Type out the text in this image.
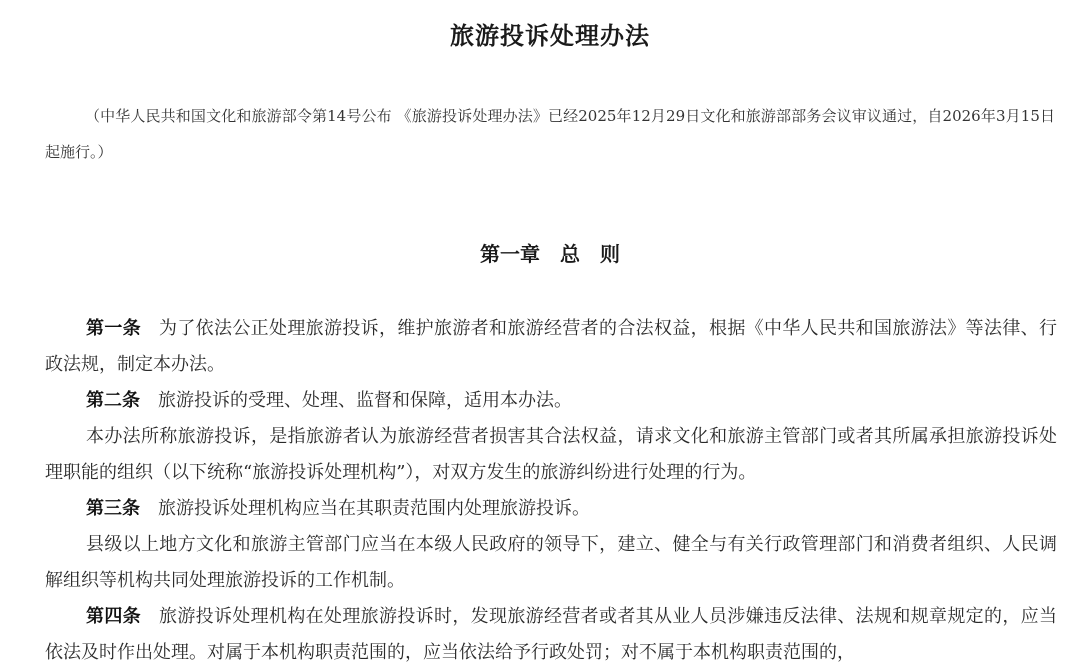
旅游投诉处理办法
（中华人民共和国文化和旅游部令第14号公布 《旅游投诉处理办法》已经2025年12月29日文化和旅游部部务会议审议通过，自2026年3月15日起施行。）
第一章　总　则

第一条 为了依法公正处理旅游投诉，维护旅游者和旅游经营者的合法权益，根据《中华人民共和国旅游法》等法律、行政法规，制定本办法。

第二条 旅游投诉的受理、处理、监督和保障，适用本办法。

本办法所称旅游投诉，是指旅游者认为旅游经营者损害其合法权益，请求文化和旅游主管部门或者其所属承担旅游投诉处理职能的组织（以下统称“旅游投诉处理机构”），对双方发生的旅游纠纷进行处理的行为。

第三条 旅游投诉处理机构应当在其职责范围内处理旅游投诉。

县级以上地方文化和旅游主管部门应当在本级人民政府的领导下，建立、健全与有关行政管理部门和消费者组织、人民调解组织等机构共同处理旅游投诉的工作机制。

第四条 旅游投诉处理机构在处理旅游投诉时，发现旅游经营者或者其从业人员涉嫌违反法律、法规和规章规定的，应当依法及时作出处理。对属于本机构职责范围的，应当依法给予行政处罚；对不属于本机构职责范围的，
